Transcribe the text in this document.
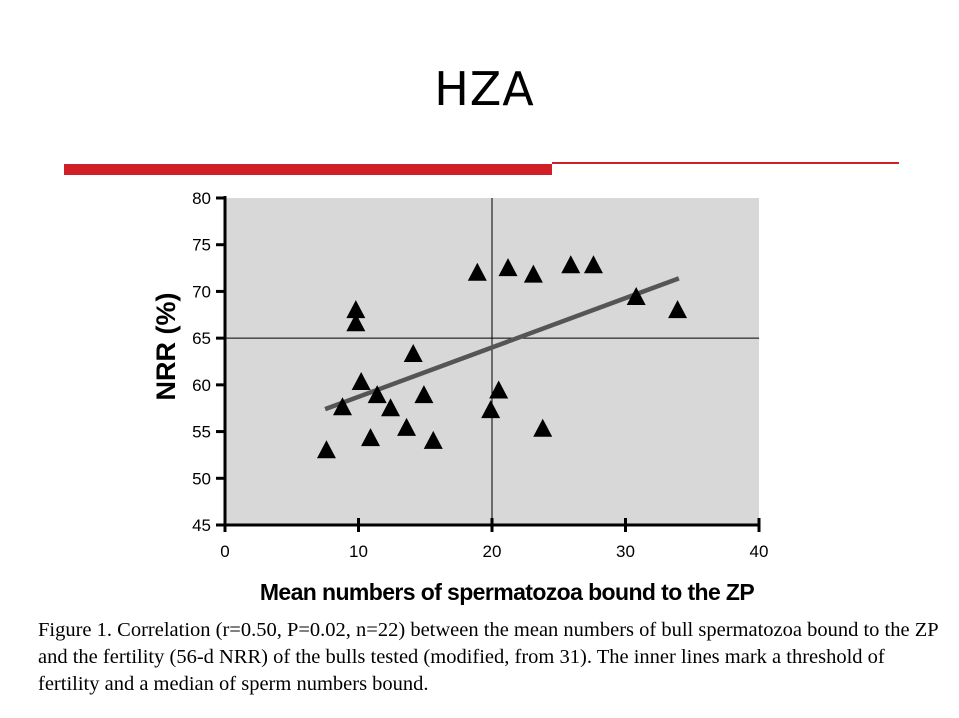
HZA
45
50
55
60
65
70
75
80
0	10	20	30	40
Mean numbers of spermatozoa bound to the ZP
NRR (%)
Figure 1. Correlation (r=0.50, P=0.02, n=22) between the mean numbers of bull spermatozoa bound to the ZP and the fertility (56-d NRR) of the bulls tested (modified, from 31). The inner lines mark a threshold of fertility and a median of sperm numbers bound.
